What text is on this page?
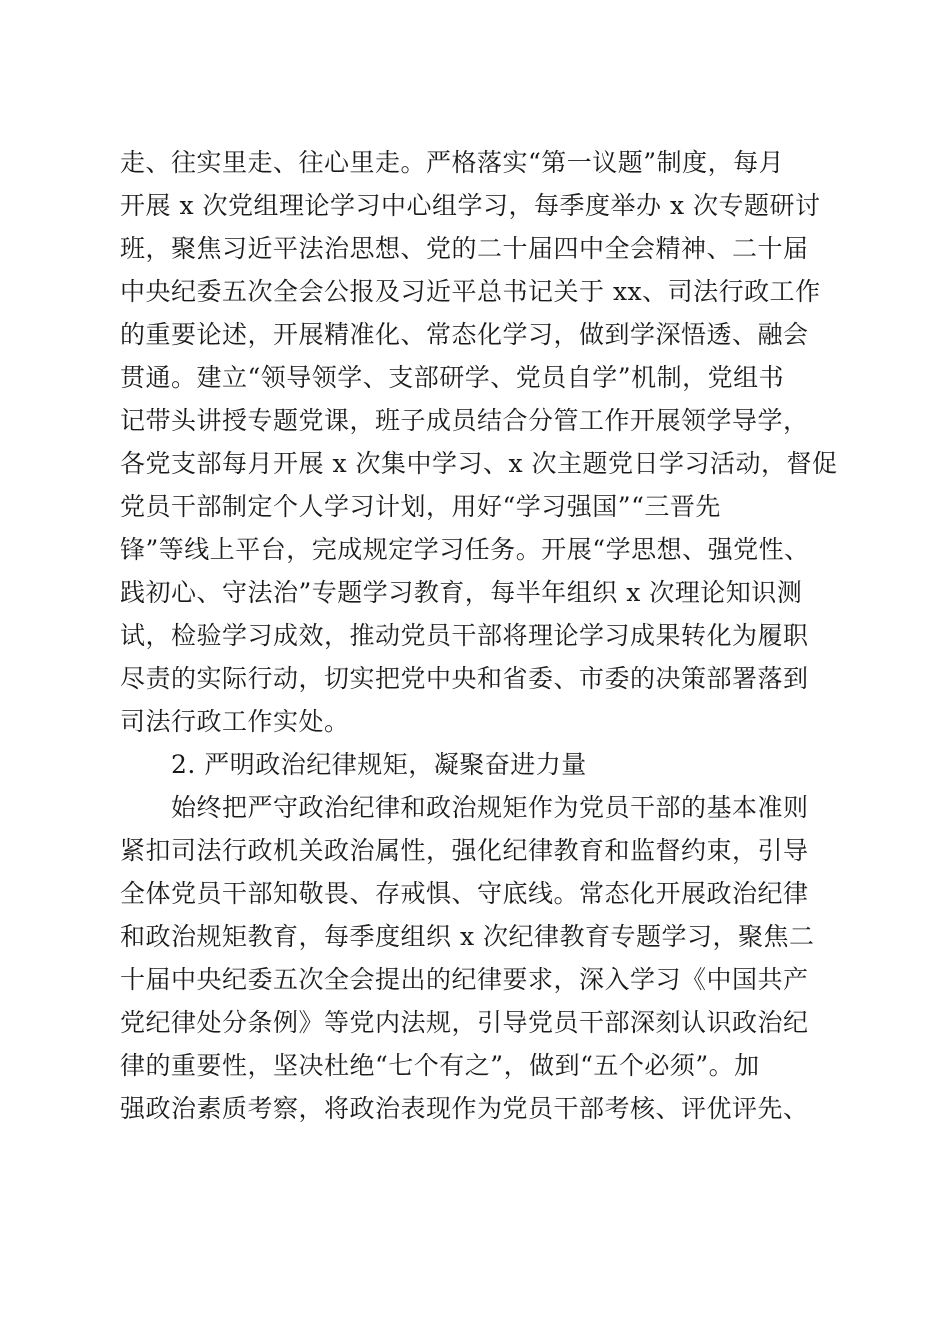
走、往实里走、往心里走。严格落实“第一议题”制度，每月
开展 x 次党组理论学习中心组学习，每季度举办 x 次专题研讨
班，聚焦习近平法治思想、党的二十届四中全会精神、二十届
中央纪委五次全会公报及习近平总书记关于 xx、司法行政工作
的重要论述，开展精准化、常态化学习，做到学深悟透、融会
贯通。建立“领导领学、支部研学、党员自学”机制，党组书
记带头讲授专题党课，班子成员结合分管工作开展领学导学，
各党支部每月开展 x 次集中学习、x 次主题党日学习活动，督促
党员干部制定个人学习计划，用好“学习强国”“三晋先
锋”等线上平台，完成规定学习任务。开展“学思想、强党性、
践初心、守法治”专题学习教育，每半年组织 x 次理论知识测
试，检验学习成效，推动党员干部将理论学习成果转化为履职
尽责的实际行动，切实把党中央和省委、市委的决策部署落到
司法行政工作实处。
2. 严明政治纪律规矩，凝聚奋进力量
始终把严守政治纪律和政治规矩作为党员干部的基本准则
紧扣司法行政机关政治属性，强化纪律教育和监督约束，引导
全体党员干部知敬畏、存戒惧、守底线。常态化开展政治纪律
和政治规矩教育，每季度组织 x 次纪律教育专题学习，聚焦二
十届中央纪委五次全会提出的纪律要求，深入学习《中国共产
党纪律处分条例》等党内法规，引导党员干部深刻认识政治纪
律的重要性，坚决杜绝“七个有之”，做到“五个必须”。加
强政治素质考察，将政治表现作为党员干部考核、评优评先、
